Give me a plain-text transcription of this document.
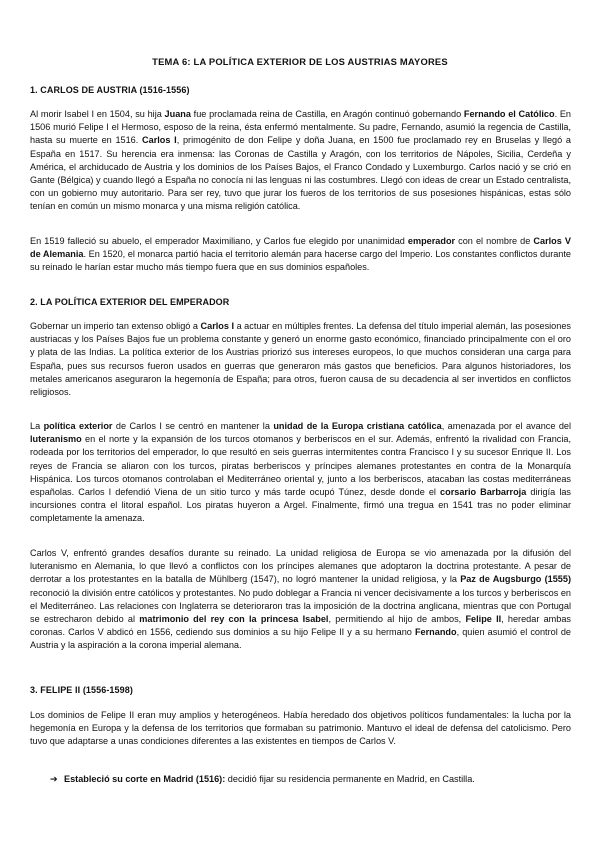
TEMA 6: LA POLÍTICA EXTERIOR DE LOS AUSTRIAS MAYORES
1. CARLOS DE AUSTRIA (1516-1556)

Al morir Isabel I en 1504, su hija Juana fue proclamada reina de Castilla, en Aragón continuó gobernando Fernando el Católico. En 1506 murió Felipe I el Hermoso, esposo de la reina, ésta enfermó mentalmente. Su padre, Fernando, asumió la regencia de Castilla, hasta su muerte en 1516. Carlos I, primogénito de don Felipe y doña Juana, en 1500 fue proclamado rey en Bruselas y llegó a España en 1517. Su herencia era inmensa: las Coronas de Castilla y Aragón, con los territorios de Nápoles, Sicilia, Cerdeña y América, el archiducado de Austria y los dominios de los Países Bajos, el Franco Condado y Luxemburgo. Carlos nació y se crió en Gante (Bélgica) y cuando llegó a España no conocía ni las lenguas ni las costumbres. Llegó con ideas de crear un Estado centralista, con un gobierno muy autoritario. Para ser rey, tuvo que jurar los fueros de los territorios de sus posesiones hispánicas, estas sólo tenían en común un mismo monarca y una misma religión católica.

En 1519 falleció su abuelo, el emperador Maximiliano, y Carlos fue elegido por unanimidad emperador con el nombre de Carlos V de Alemania. En 1520, el monarca partió hacia el territorio alemán para hacerse cargo del Imperio. Los constantes conflictos durante su reinado le harían estar mucho más tiempo fuera que en sus dominios españoles.

2. LA POLÍTICA EXTERIOR DEL EMPERADOR

Gobernar un imperio tan extenso obligó a Carlos I a actuar en múltiples frentes. La defensa del título imperial alemán, las posesiones austriacas y los Países Bajos fue un problema constante y generó un enorme gasto económico, financiado principalmente con el oro y plata de las Indias. La política exterior de los Austrias priorizó sus intereses europeos, lo que muchos consideran una carga para España, pues sus recursos fueron usados en guerras que generaron más gastos que beneficios. Para algunos historiadores, los metales americanos aseguraron la hegemonía de España; para otros, fueron causa de su decadencia al ser invertidos en conflictos religiosos.

La política exterior de Carlos I se centró en mantener la unidad de la Europa cristiana católica, amenazada por el avance del luteranismo en el norte y la expansión de los turcos otomanos y berberiscos en el sur. Además, enfrentó la rivalidad con Francia, rodeada por los territorios del emperador, lo que resultó en seis guerras intermitentes contra Francisco I y su sucesor Enrique II. Los reyes de Francia se aliaron con los turcos, piratas berberiscos y príncipes alemanes protestantes en contra de la Monarquía Hispánica. Los turcos otomanos controlaban el Mediterráneo oriental y, junto a los berberiscos, atacaban las costas mediterráneas españolas. Carlos I defendió Viena de un sitio turco y más tarde ocupó Túnez, desde donde el corsario Barbarroja dirigía las incursiones contra el litoral español. Los piratas huyeron a Argel. Finalmente, firmó una tregua en 1541 tras no poder eliminar completamente la amenaza.

Carlos V, enfrentó grandes desafíos durante su reinado. La unidad religiosa de Europa se vio amenazada por la difusión del luteranismo en Alemania, lo que llevó a conflictos con los príncipes alemanes que adoptaron la doctrina protestante. A pesar de derrotar a los protestantes en la batalla de Mühlberg (1547), no logró mantener la unidad religiosa, y la Paz de Augsburgo (1555) reconoció la división entre católicos y protestantes. No pudo doblegar a Francia ni vencer decisivamente a los turcos y berberiscos en el Mediterráneo. Las relaciones con Inglaterra se deterioraron tras la imposición de la doctrina anglicana, mientras que con Portugal se estrecharon debido al matrimonio del rey con la princesa Isabel, permitiendo al hijo de ambos, Felipe II, heredar ambas coronas. Carlos V abdicó en 1556, cediendo sus dominios a su hijo Felipe II y a su hermano Fernando, quien asumió el control de Austria y la aspiración a la corona imperial alemana.

3. FELIPE II (1556-1598)

Los dominios de Felipe II eran muy amplios y heterogéneos. Había heredado dos objetivos políticos fundamentales: la lucha por la hegemonía en Europa y la defensa de los territorios que formaban su patrimonio. Mantuvo el ideal de defensa del catolicismo. Pero tuvo que adaptarse a unas condiciones diferentes a las existentes en tiempos de Carlos V.

➔ Estableció su corte en Madrid (1516): decidió fijar su residencia permanente en Madrid, en Castilla.
